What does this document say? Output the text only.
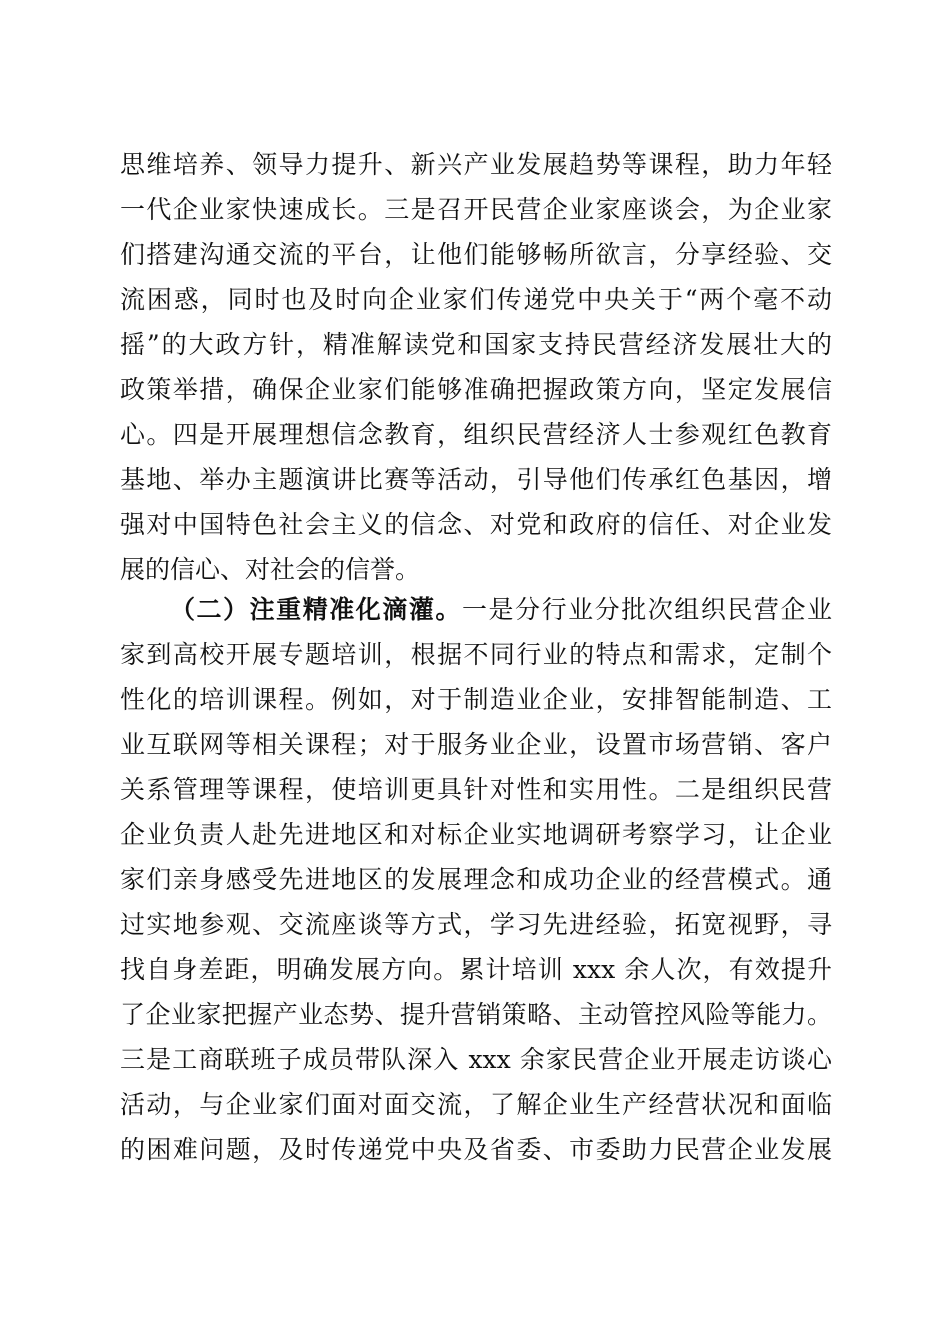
思维培养、领导力提升、新兴产业发展趋势等课程，助力年轻

一代企业家快速成长。三是召开民营企业家座谈会，为企业家

们搭建沟通交流的平台，让他们能够畅所欲言，分享经验、交

流困惑，同时也及时向企业家们传递党中央关于“两个毫不动

摇”的大政方针，精准解读党和国家支持民营经济发展壮大的

政策举措，确保企业家们能够准确把握政策方向，坚定发展信

心。四是开展理想信念教育，组织民营经济人士参观红色教育

基地、举办主题演讲比赛等活动，引导他们传承红色基因，增

强对中国特色社会主义的信念、对党和政府的信任、对企业发

展的信心、对社会的信誉。

（二）注重精准化滴灌。一是分行业分批次组织民营企业

家到高校开展专题培训，根据不同行业的特点和需求，定制个

性化的培训课程。例如，对于制造业企业，安排智能制造、工

业互联网等相关课程；对于服务业企业，设置市场营销、客户

关系管理等课程，使培训更具针对性和实用性。二是组织民营

企业负责人赴先进地区和对标企业实地调研考察学习，让企业

家们亲身感受先进地区的发展理念和成功企业的经营模式。通

过实地参观、交流座谈等方式，学习先进经验，拓宽视野，寻

找自身差距，明确发展方向。累计培训 xxx 余人次，有效提升

了企业家把握产业态势、提升营销策略、主动管控风险等能力。

三是工商联班子成员带队深入 xxx 余家民营企业开展走访谈心

活动，与企业家们面对面交流，了解企业生产经营状况和面临

的困难问题，及时传递党中央及省委、市委助力民营企业发展
